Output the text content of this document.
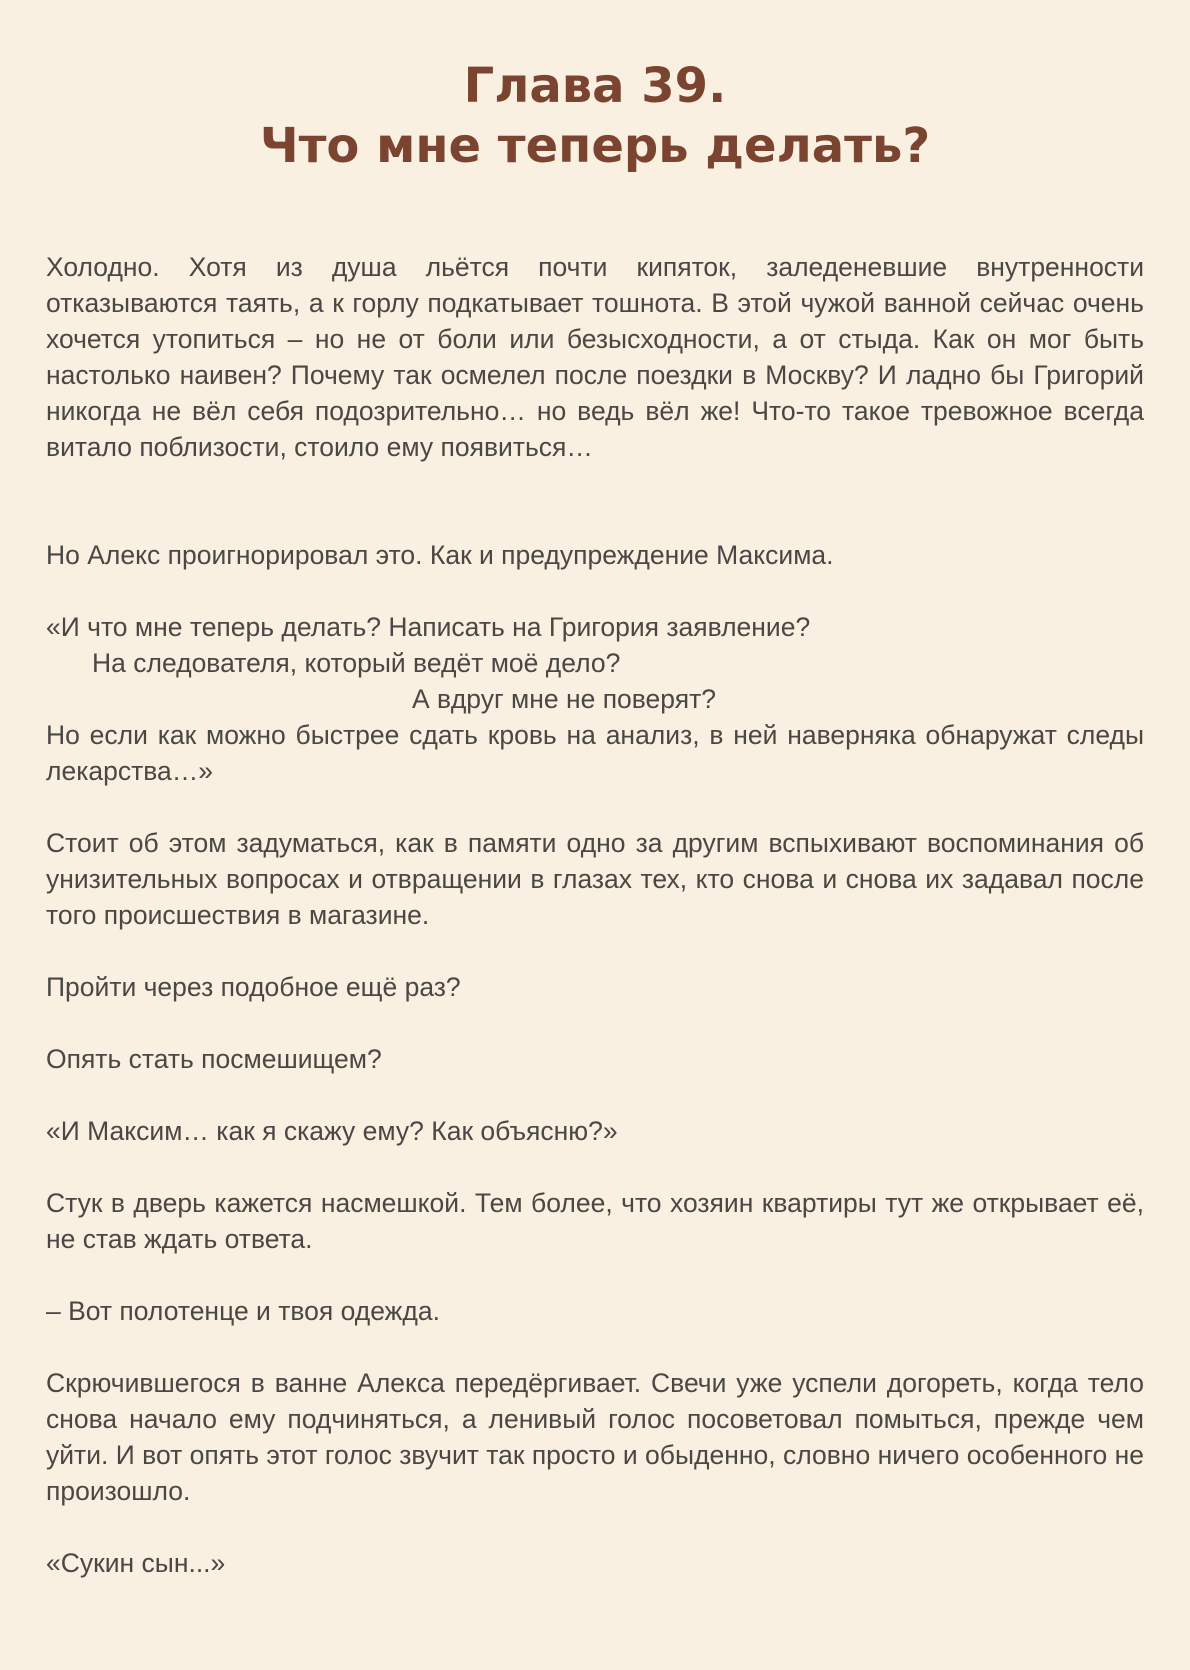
Глава 39.
Что мне теперь делать?

Холодно. Хотя из душа льётся почти кипяток, заледеневшие внутренности отказываются таять, а к горлу подкатывает тошнота. В этой чужой ванной сейчас очень хочется утопиться – но не от боли или безысходности, а от стыда. Как он мог быть настолько наивен? Почему так осмелел после поездки в Москву? И ладно бы Григорий никогда не вёл себя подозрительно… но ведь вёл же! Что-то такое тревожное всегда витало поблизости, стоило ему появиться…

Но Алекс проигнорировал это. Как и предупреждение Максима.

«И что мне теперь делать? Написать на Григория заявление?

На следователя, который ведёт моё дело?

А вдруг мне не поверят?

Но если как можно быстрее сдать кровь на анализ, в ней наверняка обнаружат следы лекарства…»

Стоит об этом задуматься, как в памяти одно за другим вспыхивают воспоминания об унизительных вопросах и отвращении в глазах тех, кто снова и снова их задавал после того происшествия в магазине.

Пройти через подобное ещё раз?

Опять стать посмешищем?

«И Максим… как я скажу ему? Как объясню?»

Стук в дверь кажется насмешкой. Тем более, что хозяин квартиры тут же открывает её, не став ждать ответа.

– Вот полотенце и твоя одежда.

Скрючившегося в ванне Алекса передёргивает. Свечи уже успели догореть, когда тело снова начало ему подчиняться, а ленивый голос посоветовал помыться, прежде чем уйти. И вот опять этот голос звучит так просто и обыденно, словно ничего особенного не произошло.

«Сукин сын...»
